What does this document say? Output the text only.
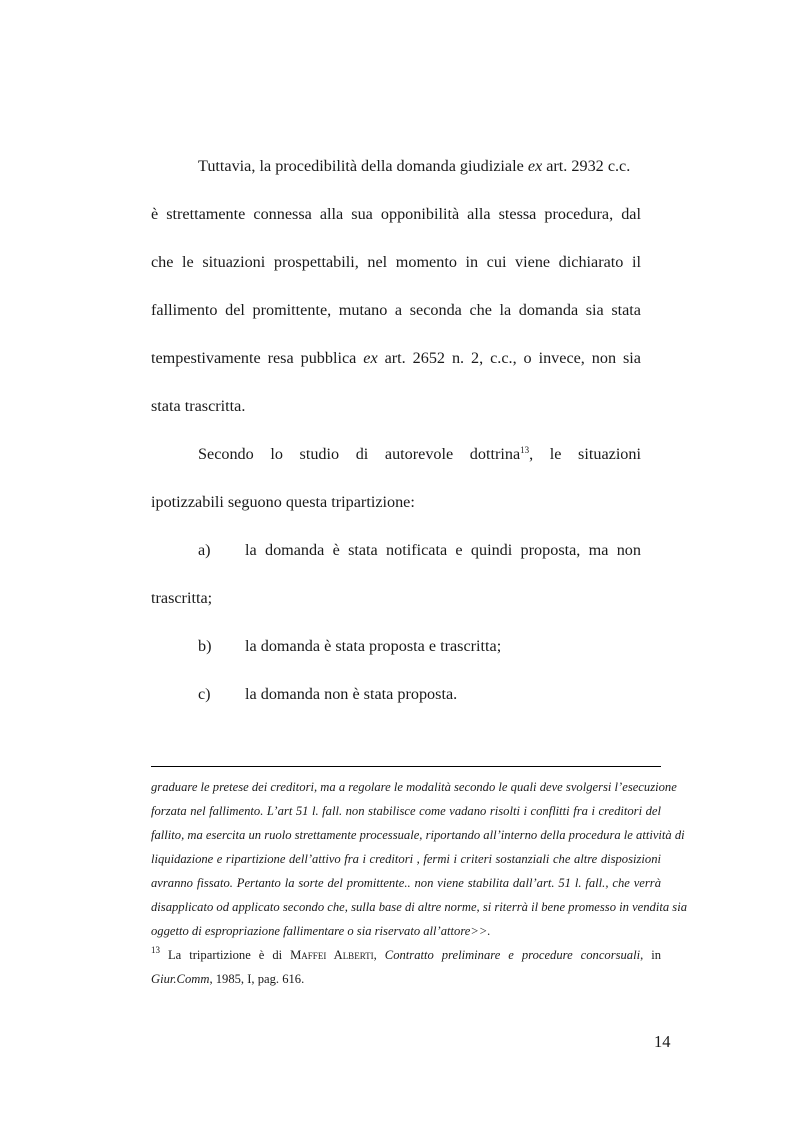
Tuttavia, la procedibilità della domanda giudiziale ex art. 2932 c.c.
è strettamente connessa alla sua opponibilità alla stessa procedura, dal
che le situazioni prospettabili, nel momento in cui viene dichiarato il
fallimento del promittente, mutano a seconda che la domanda sia stata
tempestivamente resa pubblica ex art. 2652 n. 2, c.c., o invece, non sia
stata trascritta.
Secondo lo studio di autorevole dottrina$^{13}$, le situazioni
ipotizzabili seguono questa tripartizione:
a) la domanda è stata notificata e quindi proposta, ma non
trascritta;
b) la domanda è stata proposta e trascritta;
c) la domanda non è stata proposta.
graduare le pretese dei creditori, ma a regolare le modalità secondo le quali deve svolgersi l’esecuzione
forzata nel fallimento. L’art 51 l. fall. non stabilisce come vadano risolti i conflitti fra i creditori del
fallito, ma esercita un ruolo strettamente processuale, riportando all’interno della procedura le attività di
liquidazione e ripartizione dell’attivo fra i creditori , fermi i criteri sostanziali che altre disposizioni
avranno fissato. Pertanto la sorte del promittente.. non viene stabilita dall’art. 51 l. fall., che verrà
disapplicato od applicato secondo che, sulla base di altre norme, si riterrà il bene promesso in vendita sia
oggetto di espropriazione fallimentare o sia riservato all’attore>>.
$^{13}$ La tripartizione è di Maffei Alberti, Contratto preliminare e procedure concorsuali, in
Giur.Comm, 1985, I, pag. 616.
14
